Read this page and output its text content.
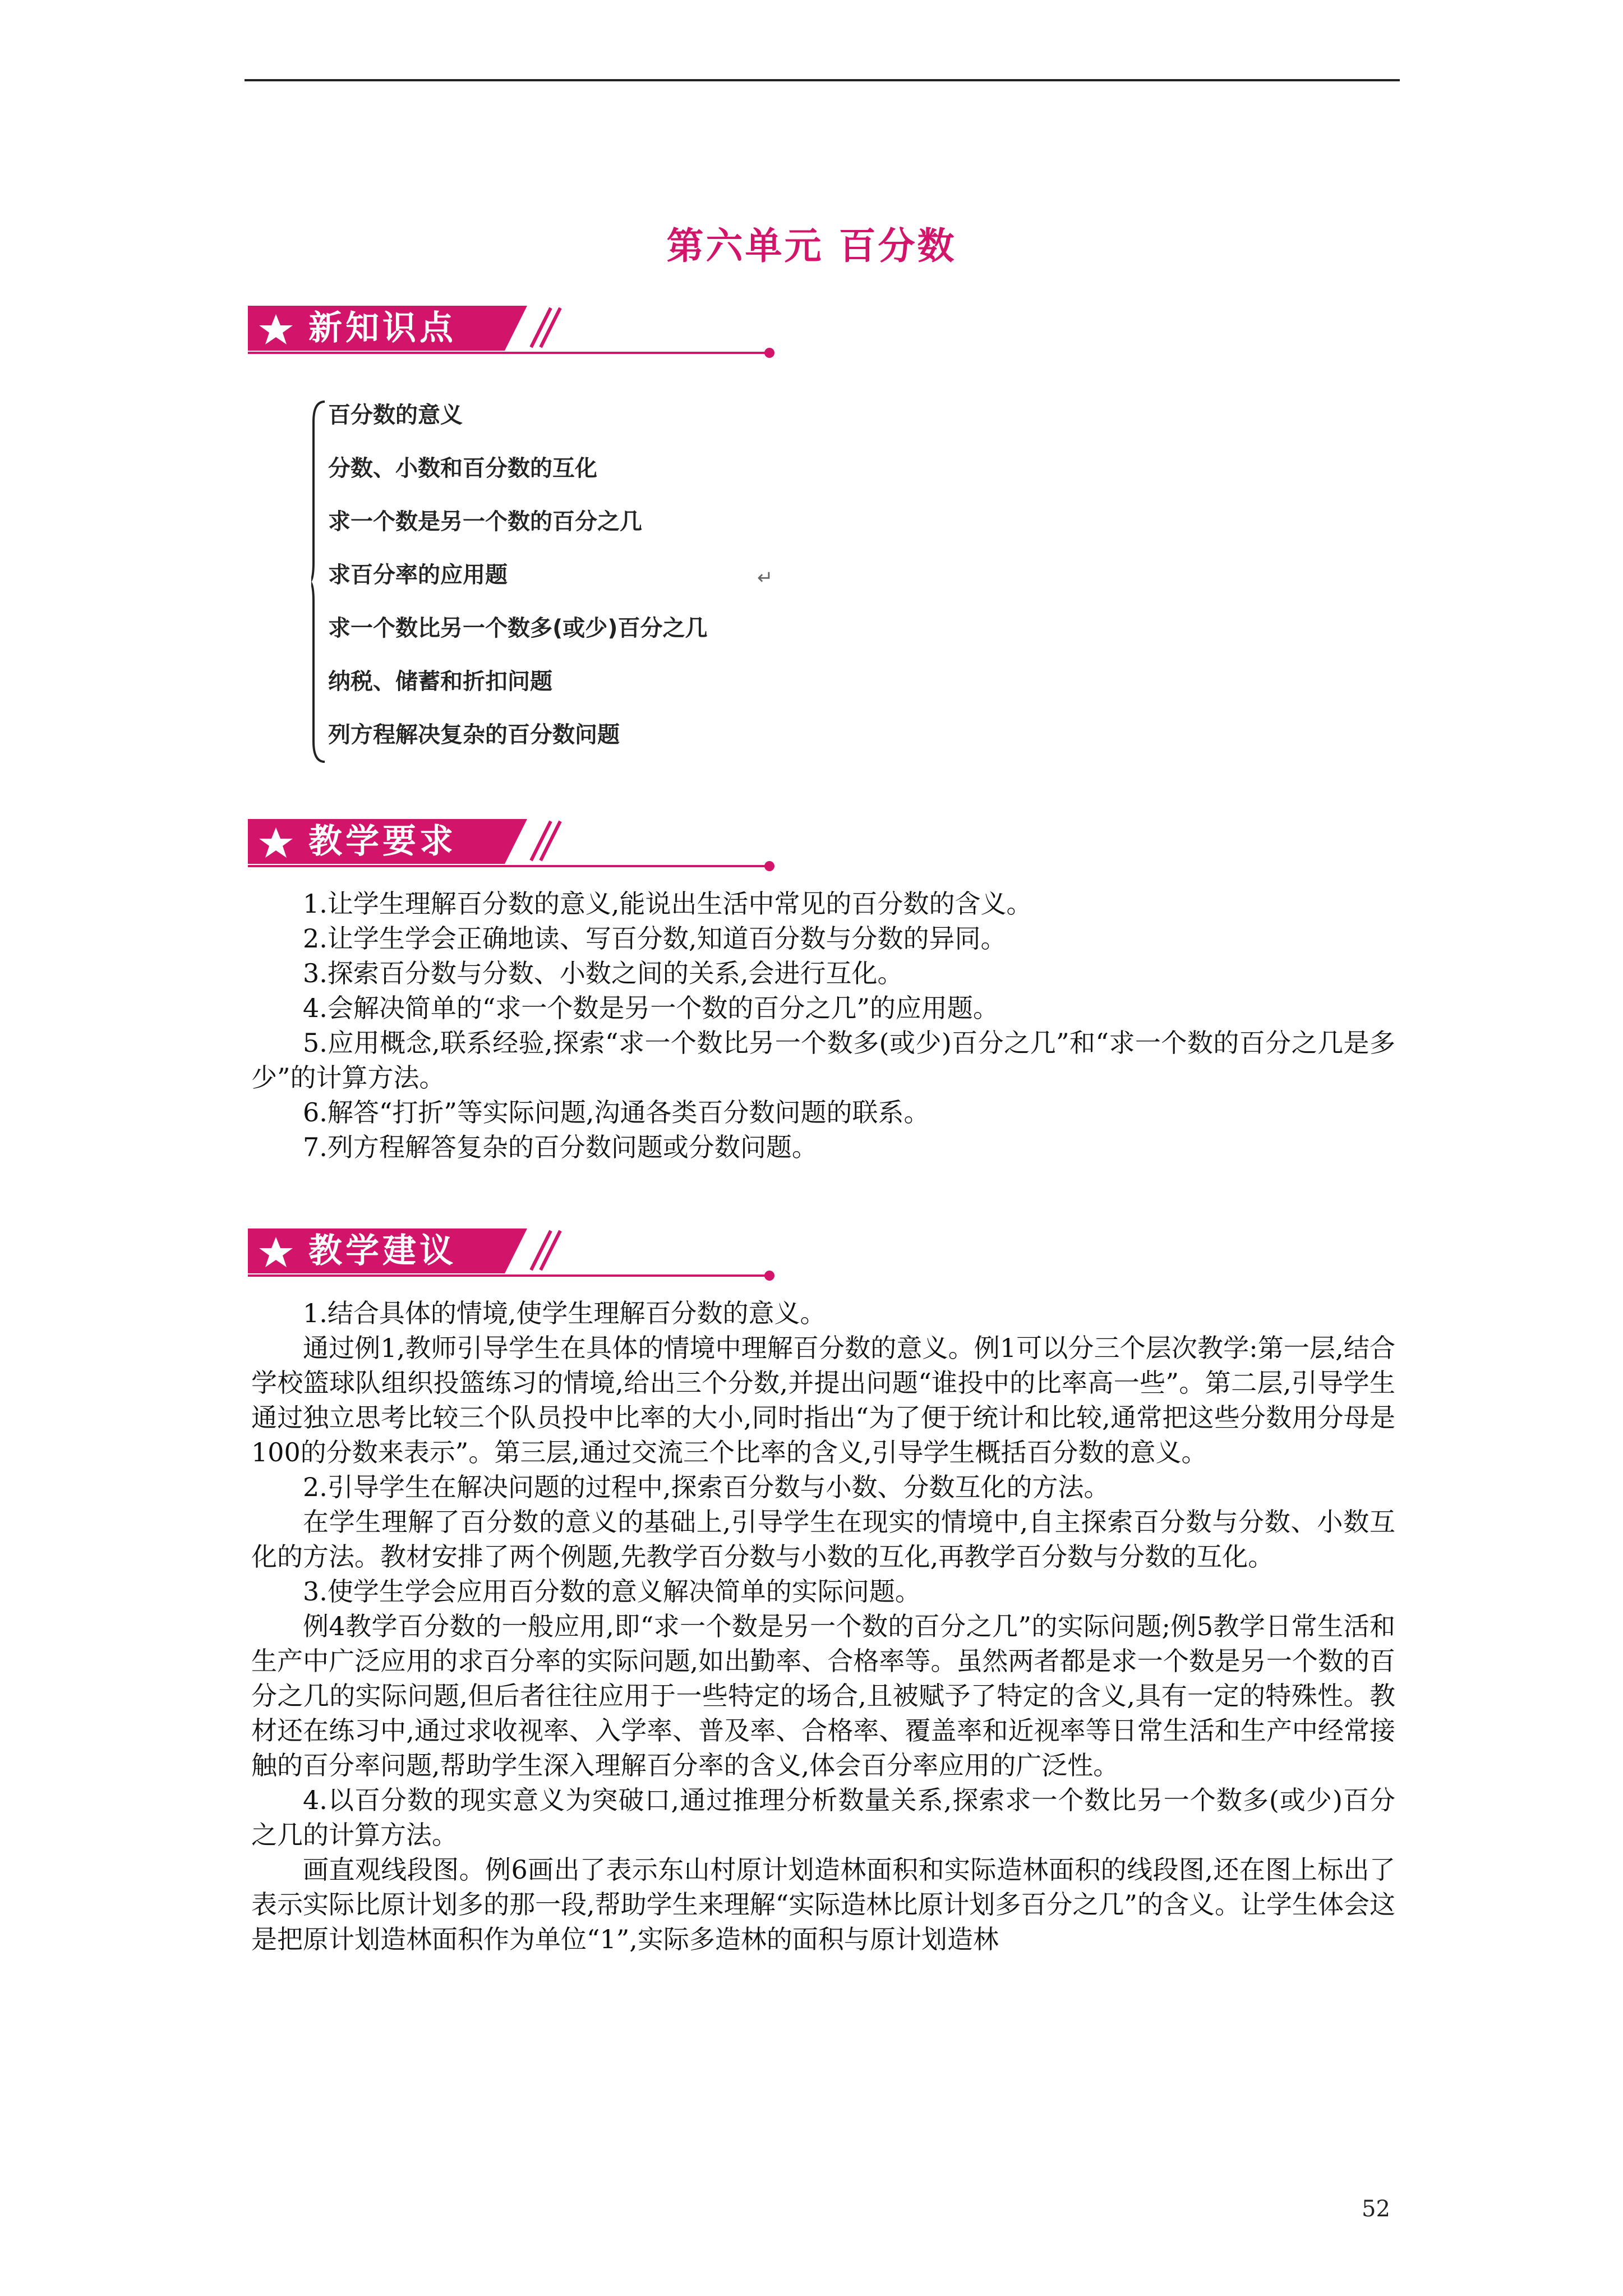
第六单元 百分数
新知识点
百分数的意义
分数、小数和百分数的互化
求一个数是另一个数的百分之几
求百分率的应用题	↵
求一个数比另一个数多(或少)百分之几
纳税、储蓄和折扣问题
列方程解决复杂的百分数问题
教学要求

1.让学生理解百分数的意义,能说出生活中常见的百分数的含义。

2.让学生学会正确地读、写百分数,知道百分数与分数的异同。

3.探索百分数与分数、小数之间的关系,会进行互化。

4.会解决简单的“求一个数是另一个数的百分之几”的应用题。

5.应用概念,联系经验,探索“求一个数比另一个数多(或少)百分之几”和“求一个数的百分之几是多少”的计算方法。

6.解答“打折”等实际问题,沟通各类百分数问题的联系。

7.列方程解答复杂的百分数问题或分数问题。

教学建议

1.结合具体的情境,使学生理解百分数的意义。

通过例1,教师引导学生在具体的情境中理解百分数的意义。例1可以分三个层次教学:第一层,结合学校篮球队组织投篮练习的情境,给出三个分数,并提出问题“谁投中的比率高一些”。第二层,引导学生通过独立思考比较三个队员投中比率的大小,同时指出“为了便于统计和比较,通常把这些分数用分母是100的分数来表示”。第三层,通过交流三个比率的含义,引导学生概括百分数的意义。

2.引导学生在解决问题的过程中,探索百分数与小数、分数互化的方法。

在学生理解了百分数的意义的基础上,引导学生在现实的情境中,自主探索百分数与分数、小数互化的方法。教材安排了两个例题,先教学百分数与小数的互化,再教学百分数与分数的互化。

3.使学生学会应用百分数的意义解决简单的实际问题。

例4教学百分数的一般应用,即“求一个数是另一个数的百分之几”的实际问题;例5教学日常生活和生产中广泛应用的求百分率的实际问题,如出勤率、合格率等。虽然两者都是求一个数是另一个数的百分之几的实际问题,但后者往往应用于一些特定的场合,且被赋予了特定的含义,具有一定的特殊性。教材还在练习中,通过求收视率、入学率、普及率、合格率、覆盖率和近视率等日常生活和生产中经常接触的百分率问题,帮助学生深入理解百分率的含义,体会百分率应用的广泛性。

4.以百分数的现实意义为突破口,通过推理分析数量关系,探索求一个数比另一个数多(或少)百分之几的计算方法。

画直观线段图。例6画出了表示东山村原计划造林面积和实际造林面积的线段图,还在图上标出了表示实际比原计划多的那一段,帮助学生来理解“实际造林比原计划多百分之几”的含义。让学生体会这是把原计划造林面积作为单位“1”,实际多造林的面积与原计划造林

52
